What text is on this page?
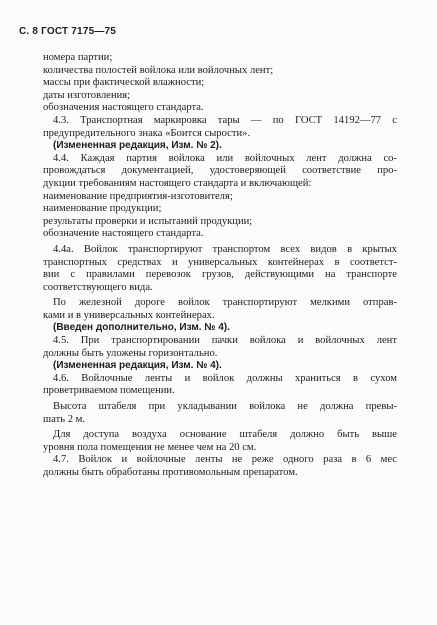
С. 8 ГОСТ 7175—75
номера партии;
количества полостей войлока или войлочных лент;
массы при фактической влажности;
даты изготовления;
обозначения настоящего стандарта.
4.3. Транспортная маркировка тары — по ГОСТ 14192—77 с
предупредительного знака «Боится сырости».
(Измененная редакция, Изм. № 2).
4.4. Каждая партия войлока или войлочных лент должна со-
провождаться документацией, удостоверяющей соответствие про-
дукции требованиям настоящего стандарта и включающей:
наименование предприятия-изготовителя;
наименование продукции;
результаты проверки и испытаний продукции;
обозначение настоящего стандарта.
4.4а. Войлок транспортируют транспортом всех видов в крытых
транспортных средствах и универсальных контейнерах в соответст-
вии с правилами перевозок грузов, действующими на транспорте
соответствующего вида.
По железной дороге войлок транспортируют мелкими отправ-
ками и в универсальных контейнерах.
(Введен дополнительно, Изм. № 4).
4.5. При транспортировании пачки войлока и войлочных лент
должны быть уложены горизонтально.
(Измененная редакция, Изм. № 4).
4.6. Войлочные ленты и войлок должны храниться в сухом
проветриваемом помещении.
Высота штабеля при укладывании войлока не должна превы-
шать 2 м.
Для доступа воздуха основание штабеля должно быть выше
уровня пола помещения не менее чем на 20 см.
4.7. Войлок и войлочные ленты не реже одного раза в 6 мес
должны быть обработаны противомольным препаратом.
